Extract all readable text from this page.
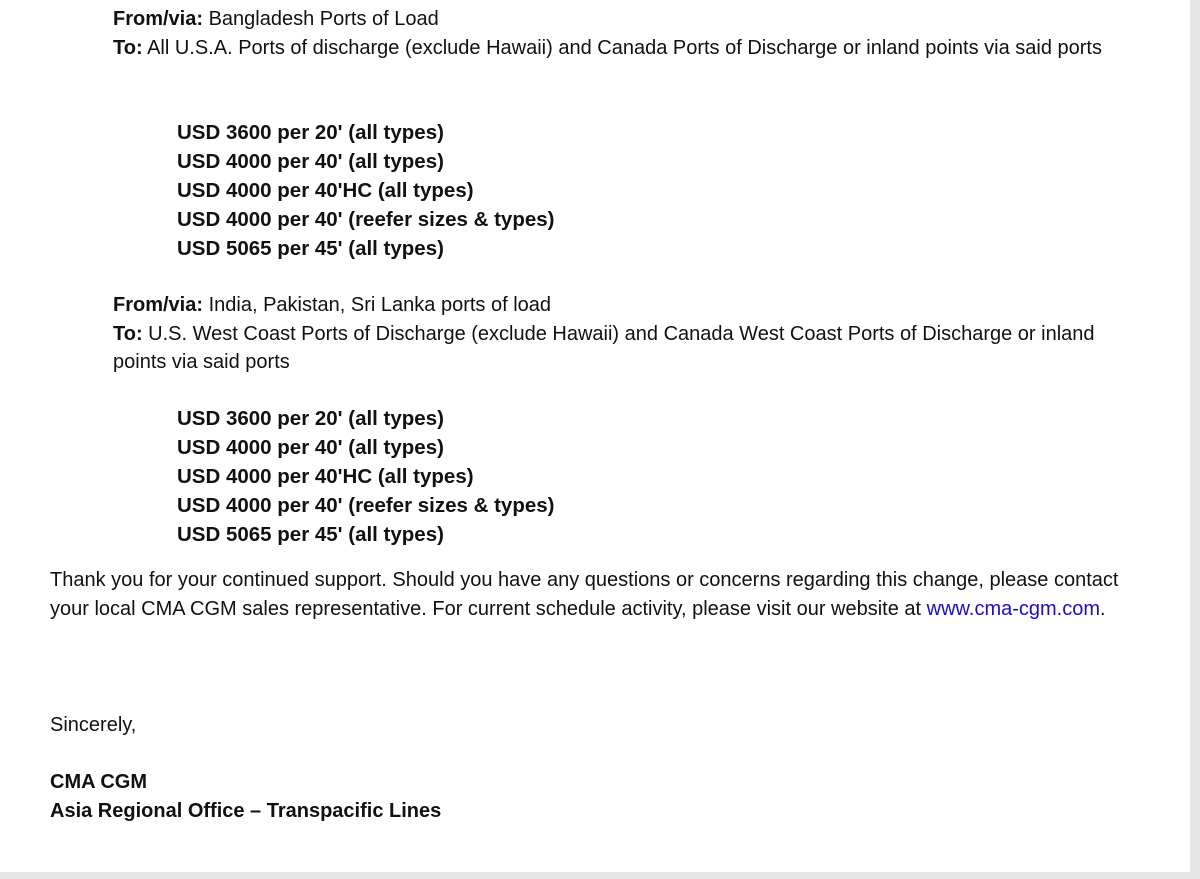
From/via: Bangladesh Ports of Load
To: All U.S.A. Ports of discharge (exclude Hawaii) and Canada Ports of Discharge or inland points via said ports
USD 3600 per 20' (all types)
USD 4000 per 40' (all types)
USD 4000 per 40'HC (all types)
USD 4000 per 40' (reefer sizes & types)
USD 5065 per 45' (all types)
From/via: India, Pakistan, Sri Lanka ports of load
To: U.S. West Coast Ports of Discharge (exclude Hawaii) and Canada West Coast Ports of Discharge or inland points via said ports
USD 3600 per 20' (all types)
USD 4000 per 40' (all types)
USD 4000 per 40'HC (all types)
USD 4000 per 40' (reefer sizes & types)
USD 5065 per 45' (all types)
Thank you for your continued support. Should you have any questions or concerns regarding this change, please contact your local CMA CGM sales representative. For current schedule activity, please visit our website at www.cma-cgm.com.
Sincerely,
CMA CGM
Asia Regional Office – Transpacific Lines
